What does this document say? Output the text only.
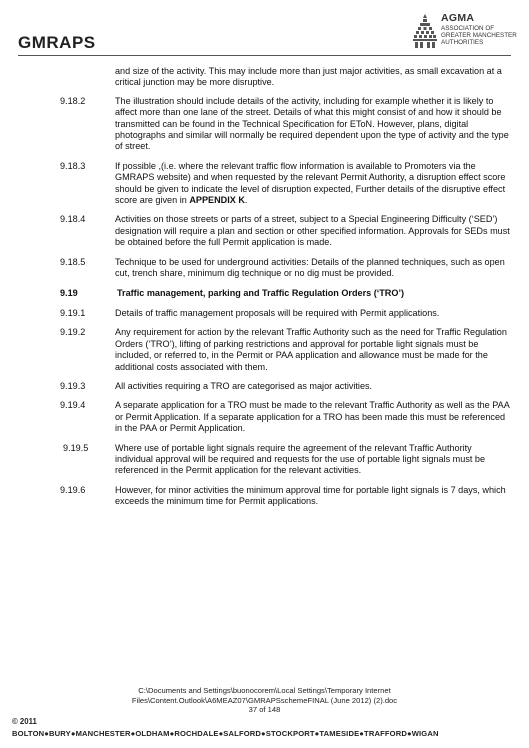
GMRAPS
AGMA
ASSOCIATION OF
GREATER MANCHESTER
AUTHORITIES

and size of the activity. This may include more than just major activities, as small excavation at a critical junction may be more disruptive.

9.18.2	The illustration should include details of the activity, including for example whether it is likely to affect more than one lane of the street. Details of what this might consist of and how it should be transmitted can be found in the Technical Specification for EToN. However, plans, digital photographs and similar will normally be required dependent upon the type of activity and the type of street.
9.18.3	If possible ,(i.e. where the relevant traffic flow information is available to Promoters via the GMRAPS website) and when requested by the relevant Permit Authority, a disruption effect score should be given to indicate the level of disruption expected, Further details of the disruptive effect score are given in APPENDIX K.
9.18.4	Activities on those streets or parts of a street, subject to a Special Engineering Difficulty (‘SED’) designation will require a plan and section or other specified information. Approvals for SEDs must be obtained before the full Permit application is made.
9.18.5	Technique to be used for underground activities: Details of the planned techniques, such as open cut, trench share, minimum dig technique or no dig must be provided.
9.19	Traffic management, parking and Traffic Regulation Orders (‘TRO’)
9.19.1	Details of traffic management proposals will be required with Permit applications.
9.19.2	Any requirement for action by the relevant Traffic Authority such as the need for Traffic Regulation Orders (‘TRO’), lifting of parking restrictions and approval for portable light signals must be included, or referred to, in the Permit or PAA application and allowance must be made for the additional costs associated with them.
9.19.3	All activities requiring a TRO are categorised as major activities.
9.19.4	A separate application for a TRO must be made to the relevant Traffic Authority as well as the PAA or Permit Application. If a separate application for a TRO has been made this must be referenced in the PAA or Permit Application.
9.19.5	Where use of portable light signals require the agreement of the relevant Traffic Authority individual approval will be required and requests for the use of portable light signals must be referenced in the Permit application for the relevant activities.
9.19.6	However, for minor activities the minimum approval time for portable light signals is 7 days, which exceeds the minimum time for Permit applications.
C:\Documents and Settings\buonocorem\Local Settings\Temporary Internet
Files\Content.Outlook\A6MEAZ07\GMRAPSschemeFINAL (June 2012) (2).doc
37 of 148
© 2011
BOLTON●BURY●MANCHESTER●OLDHAM●ROCHDALE●SALFORD●STOCKPORT●TAMESIDE●TRAFFORD●WIGAN
